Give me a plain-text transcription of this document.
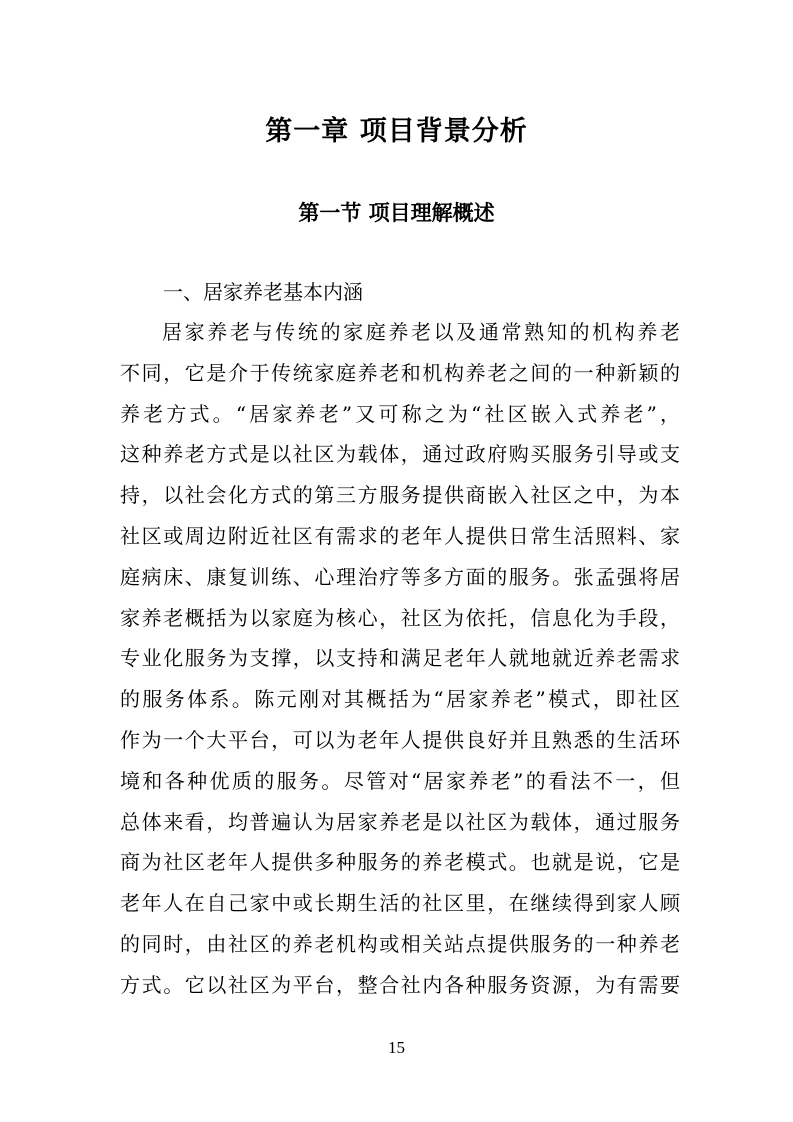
第一章 项目背景分析
第一节 项目理解概述

一、居家养老基本内涵

居家养老与传统的家庭养老以及通常熟知的机构养老
不同，它是介于传统家庭养老和机构养老之间的一种新颖的
养老方式。“居家养老”又可称之为“社区嵌入式养老”，
这种养老方式是以社区为载体，通过政府购买服务引导或支
持，以社会化方式的第三方服务提供商嵌入社区之中，为本
社区或周边附近社区有需求的老年人提供日常生活照料、家
庭病床、康复训练、心理治疗等多方面的服务。张孟强将居
家养老概括为以家庭为核心，社区为依托，信息化为手段，
专业化服务为支撑，以支持和满足老年人就地就近养老需求
的服务体系。陈元刚对其概括为“居家养老”模式，即社区
作为一个大平台，可以为老年人提供良好并且熟悉的生活环
境和各种优质的服务。尽管对“居家养老”的看法不一，但
总体来看，均普遍认为居家养老是以社区为载体，通过服务
商为社区老年人提供多种服务的养老模式。也就是说，它是
老年人在自己家中或长期生活的社区里，在继续得到家人顾
的同时，由社区的养老机构或相关站点提供服务的一种养老
方式。它以社区为平台，整合社内各种服务资源，为有需要
15
